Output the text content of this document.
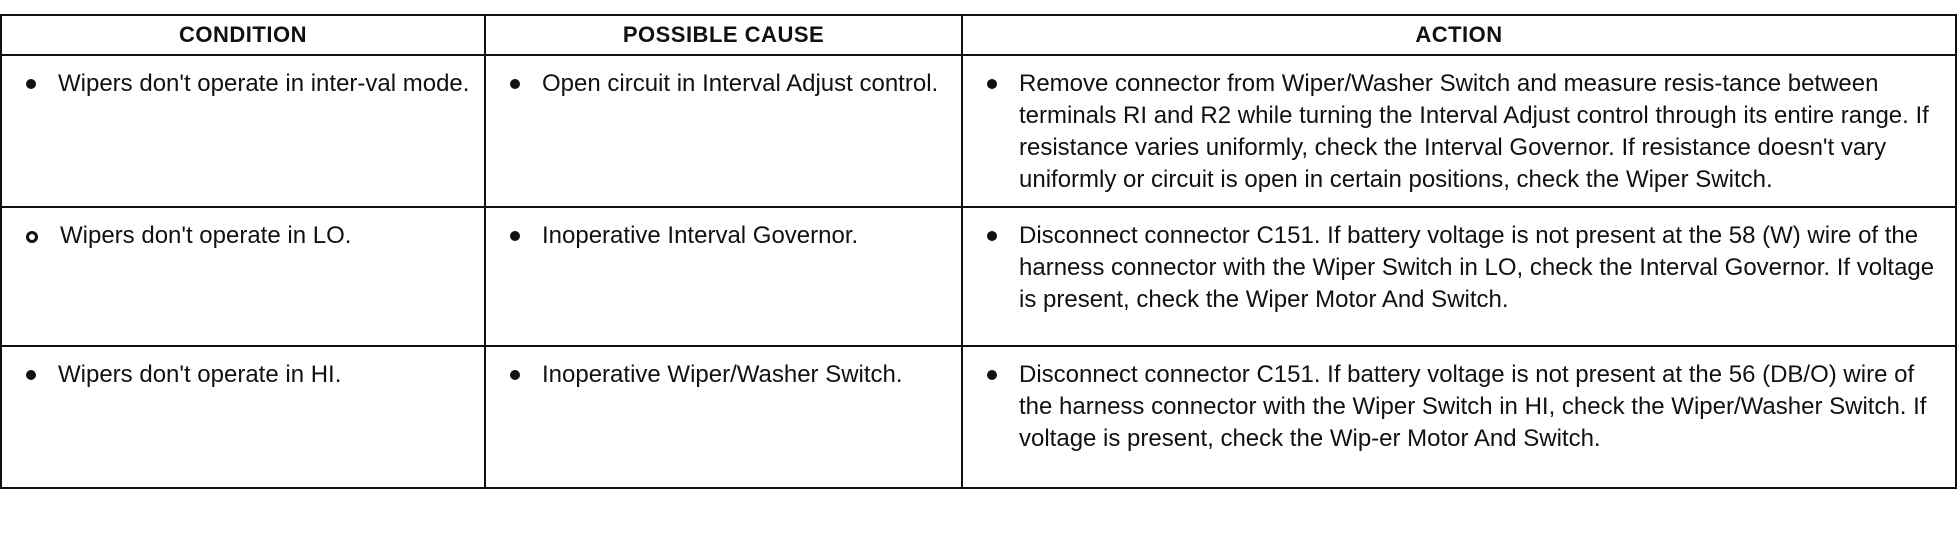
CONDITION	POSSIBLE CAUSE	ACTION

Wipers don't operate in inter-val mode.	Open circuit in Interval Adjust control.	Remove connector from Wiper/Washer Switch and measure resis-tance between terminals RI and R2 while turning the Interval Adjust control through its entire range. If resistance varies uniformly, check the Interval Governor. If resistance doesn't vary uniformly or circuit is open in certain positions, check the Wiper Switch.

Wipers don't operate in LO.	Inoperative Interval Governor.	Disconnect connector C151. If battery voltage is not present at the 58 (W) wire of the harness connector with the Wiper Switch in LO, check the Interval Governor. If voltage is present, check the Wiper Motor And Switch.

Wipers don't operate in HI.	Inoperative Wiper/Washer Switch.	Disconnect connector C151. If battery voltage is not present at the 56 (DB/O) wire of the harness connector with the Wiper Switch in HI, check the Wiper/Washer Switch. If voltage is present, check the Wip-er Motor And Switch.
